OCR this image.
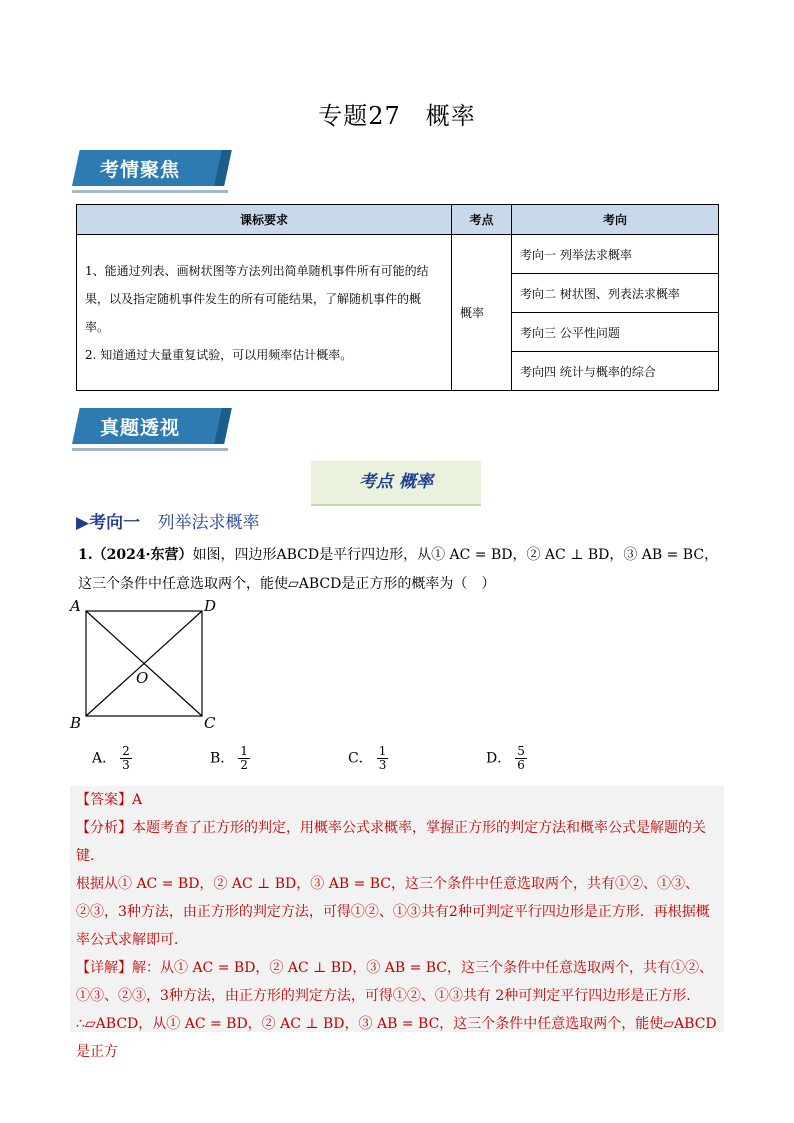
专题27　概率
考情聚焦
课标要求	考点	考向

1、能通过列表、画树状图等方法列出简单随机事件所有可能的结果，以及指定随机事件发生的所有可能结果，了解随机事件的概率。
2. 知道通过大量重复试验，可以用频率估计概率。	概率	考向一 列举法求概率
		考向二 树状图、列表法求概率
		考向三 公平性问题
		考向四 统计与概率的综合
真题透视
考点 概率
▶考向一 列举法求概率
1.（2024·东营）如图，四边形ABCD是平行四边形，从① AC = BD，② AC ⊥ BD，③ AB = BC，这三个条件中任意选取两个，能使▱ABCD是正方形的概率为（　）
A	D
B	C
O
A． $\frac{2}{3}$	B． $\frac{1}{2}$	C． $\frac{1}{3}$	D． $\frac{5}{6}$

【答案】A

【分析】本题考查了正方形的判定，用概率公式求概率，掌握正方形的判定方法和概率公式是解题的关键．

根据从① AC = BD，② AC ⊥ BD，③ AB = BC，这三个条件中任意选取两个，共有①②、①③、②③，3种方法，由正方形的判定方法，可得①②、①③共有2种可判定平行四边形是正方形．再根据概率公式求解即可．

【详解】解：从① AC = BD，② AC ⊥ BD，③ AB = BC，这三个条件中任意选取两个，共有①②、①③、②③，3种方法，由正方形的判定方法，可得①②、①③共有 2种可判定平行四边形是正方形．

∴▱ABCD，从① AC = BD，② AC ⊥ BD，③ AB = BC，这三个条件中任意选取两个，能使▱ABCD是正方
